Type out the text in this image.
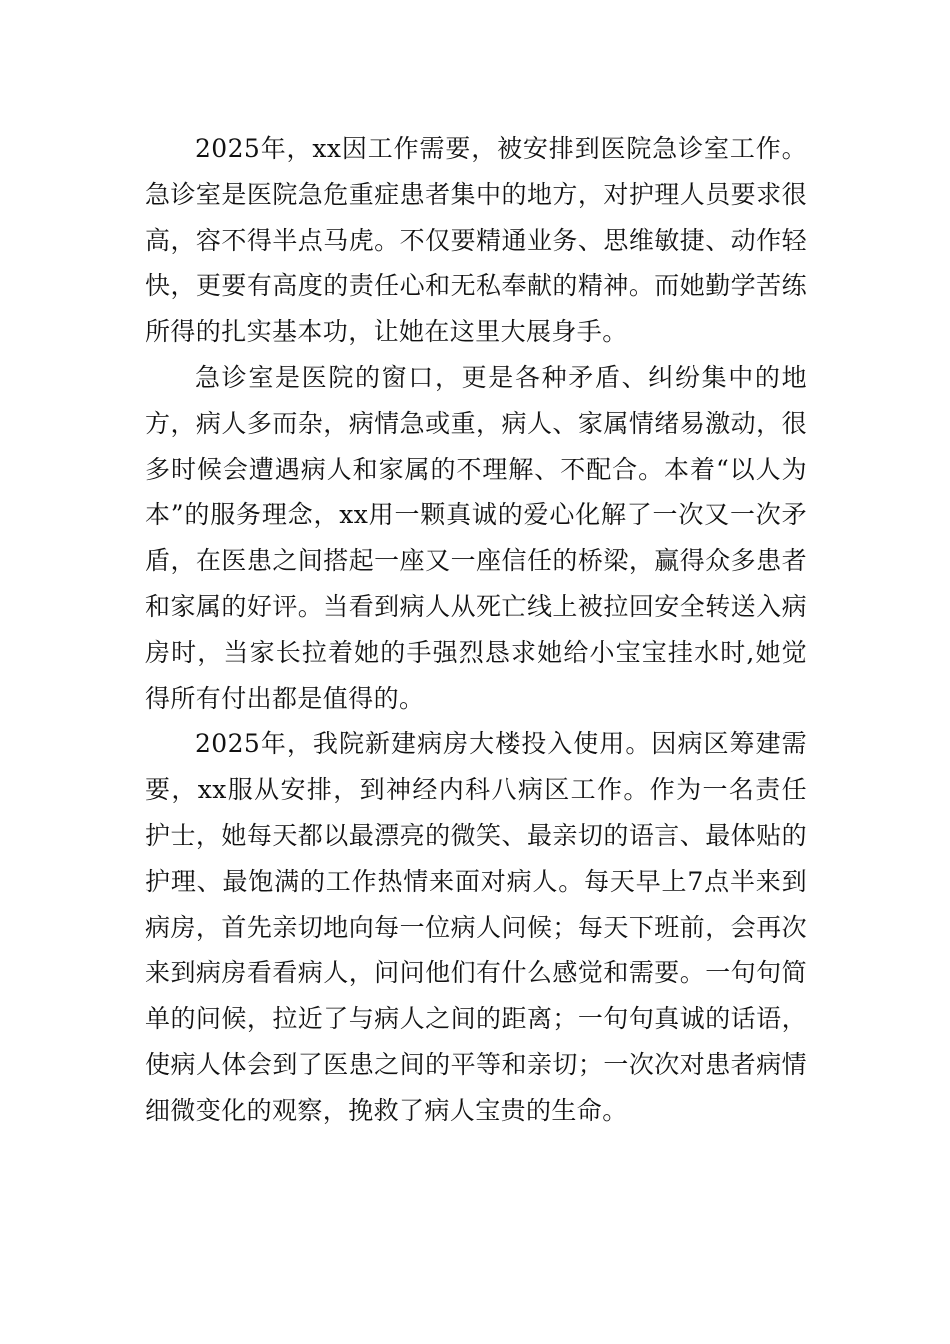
2025年，xx因工作需要，被安排到医院急诊室工作。急诊室是医院急危重症患者集中的地方，对护理人员要求很高，容不得半点马虎。不仅要精通业务、思维敏捷、动作轻快，更要有高度的责任心和无私奉献的精神。而她勤学苦练所得的扎实基本功，让她在这里大展身手。

急诊室是医院的窗口，更是各种矛盾、纠纷集中的地方，病人多而杂，病情急或重，病人、家属情绪易激动，很多时候会遭遇病人和家属的不理解、不配合。本着“以人为本”的服务理念，xx用一颗真诚的爱心化解了一次又一次矛盾，在医患之间搭起一座又一座信任的桥梁，赢得众多患者和家属的好评。当看到病人从死亡线上被拉回安全转送入病房时，当家长拉着她的手强烈恳求她给小宝宝挂水时,她觉得所有付出都是值得的。

2025年，我院新建病房大楼投入使用。因病区筹建需要，xx服从安排，到神经内科八病区工作。作为一名责任护士，她每天都以最漂亮的微笑、最亲切的语言、最体贴的护理、最饱满的工作热情来面对病人。每天早上7点半来到病房，首先亲切地向每一位病人问候；每天下班前，会再次来到病房看看病人，问问他们有什么感觉和需要。一句句简单的问候，拉近了与病人之间的距离；一句句真诚的话语，使病人体会到了医患之间的平等和亲切；一次次对患者病情细微变化的观察，挽救了病人宝贵的生命。
